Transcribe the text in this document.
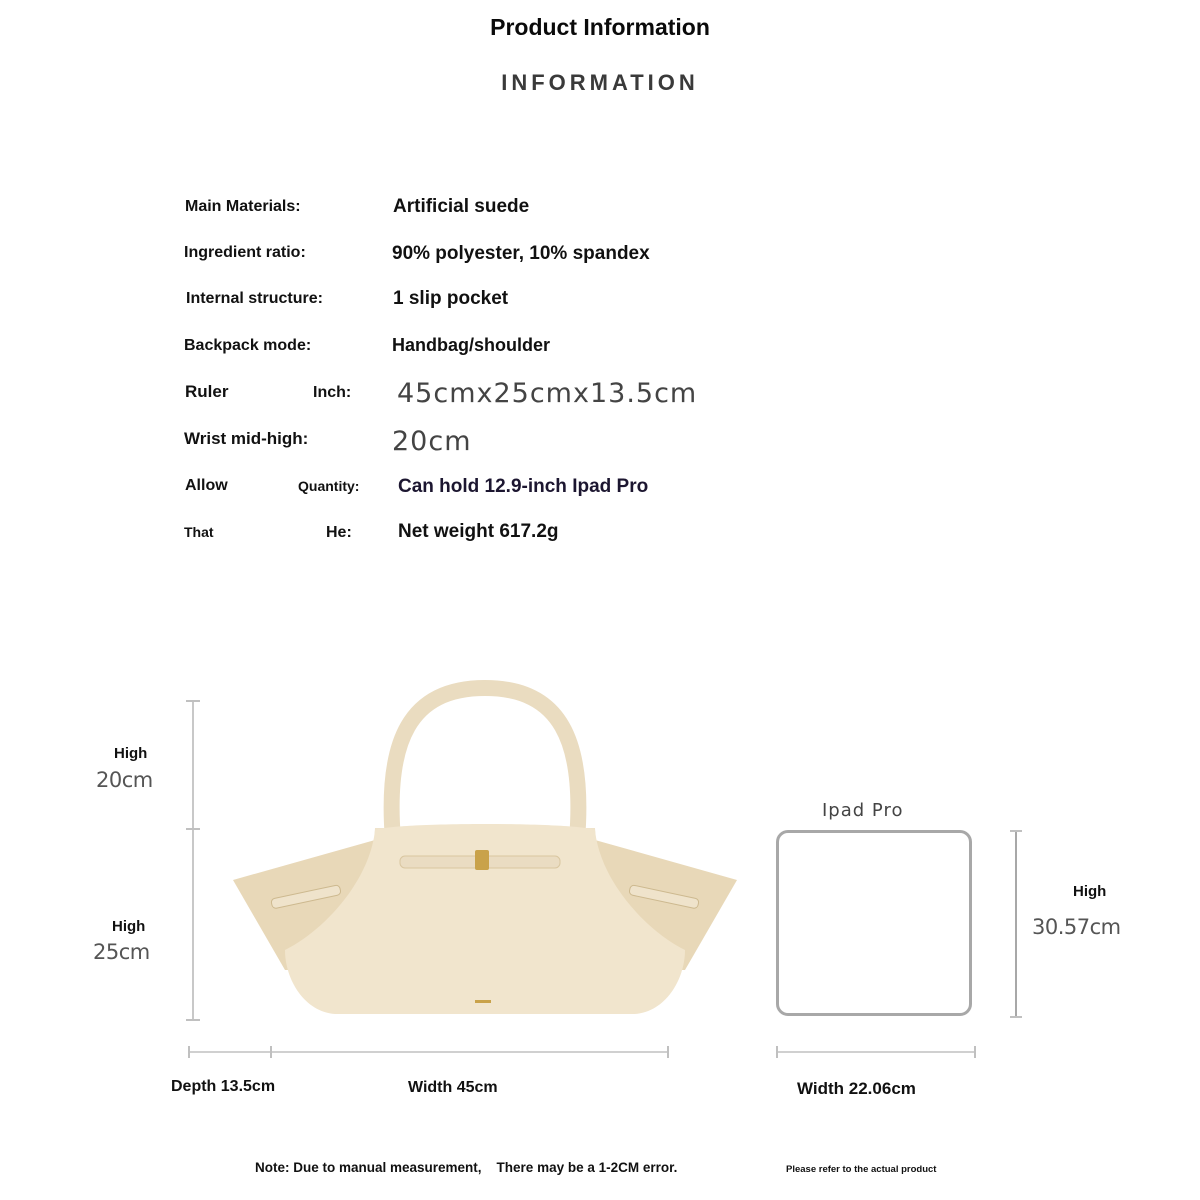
Product Information
INFORMATION
Main Materials:	Artificial suede
Ingredient ratio:	90% polyester, 10% spandex
Internal structure:	1 slip pocket
Backpack mode:	Handbag/shoulder
Ruler	Inch: 45cmx25cmx13.5cm
Wrist mid-high:	20cm
Allow	Quantity: Can hold 12.9-inch Ipad Pro
That	He: Net weight 617.2g
High
20cm
High
25cm
Depth 13.5cm	Width 45cm
Ipad Pro
High
30.57cm
Width 22.06cm
Note: Due to manual measurement,    There may be a 1-2CM error.	Please refer to the actual product
